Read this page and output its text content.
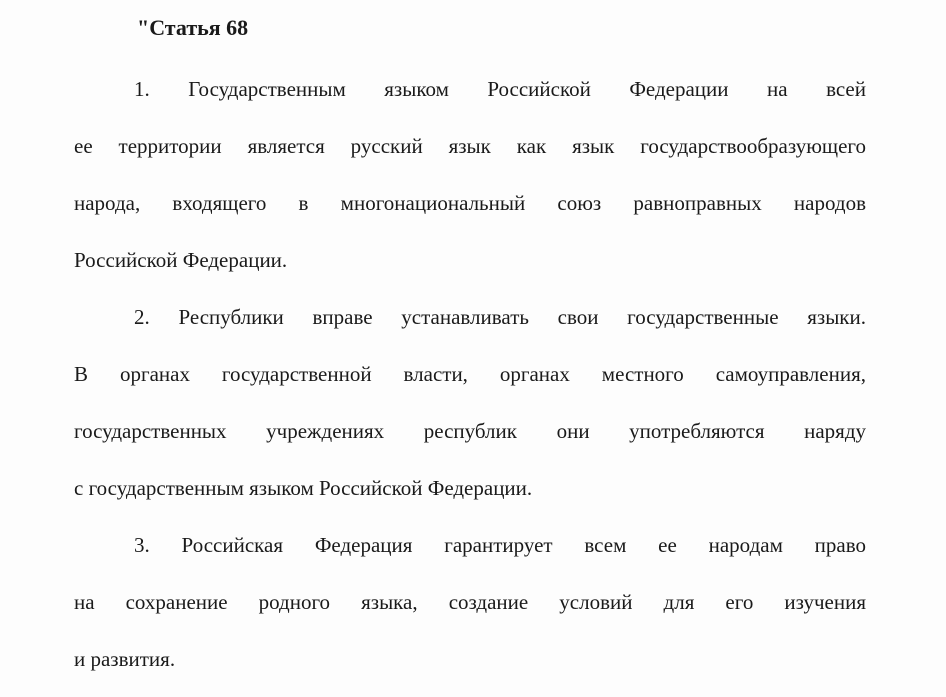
"Статья 68
1. Государственным языком Российской Федерации на всей
ее территории является русский язык как язык государствообразующего
народа, входящего в многонациональный союз равноправных народов
Российской Федерации.
2. Республики вправе устанавливать свои государственные языки.
В органах государственной власти, органах местного самоуправления,
государственных учреждениях республик они употребляются наряду
с государственным языком Российской Федерации.
3. Российская Федерация гарантирует всем ее народам право
на сохранение родного языка, создание условий для его изучения
и развития.
